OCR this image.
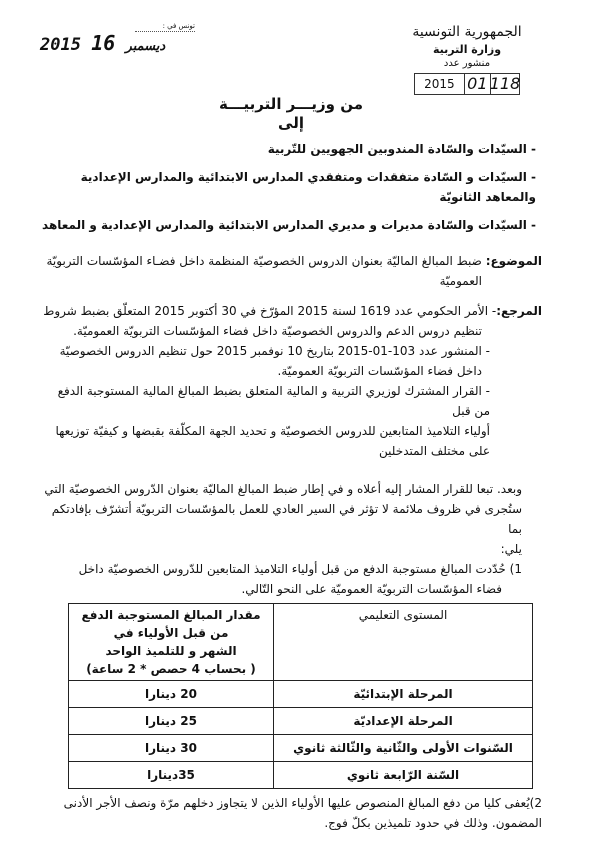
تونس في :
2015	ديسمبر 16	الجمهورية التونسية
وزارة التربية
منشور عدد
2015 01 118
من وزيـــر التربيـــة
إلى
- السيّدات والسّادة المندوبين الجهويين للتّربية
- السيّدات و السّادة متفقدات ومتفقدي المدارس الابتدائية والمدارس الإعدادية والمعاهد الثانويّة
- السيّدات والسّادة مديرات و مديري المدارس الابتدائية والمدارس الإعدادية و المعاهد
الموضوع: ضبط المبالغ الماليّة بعنوان الدروس الخصوصيّة المنظمة داخل فضـاء المؤسّسات التربويّة
العموميّة
المرجع:- الأمر الحكومي عدد 1619 لسنة 2015 المؤرّخ في 30 أكتوبر 2015 المتعلّق بضبط شروط
تنظيم دروس الدعم والدروس الخصوصيّة داخل فضاء المؤسّسات التربويّة العموميّة.
- المنشور عدد 103-01-2015 بتاريخ 10 نوفمبر 2015 حول تنظيم الدروس الخصوصيّة
داخل فضاء المؤسّسات التربويّة العموميّة.
- القرار المشترك لوزيري التربية و المالية المتعلق بضبط المبالغ المالية المستوجبة الدفع من قبل
أولياء التلاميذ المتابعين للدروس الخصوصيّة و تحديد الجهة المكلّفة بقبضها و كيفيّة توزيعها
على مختلف المتدخلين
وبعد. تبعا للقرار المشار إليه أعلاه و في إطار ضبط المبالغ الماليّة بعنوان الدّروس الخصوصيّة التي
ستُجرى في ظروف ملائمة لا تؤثر في السير العادي للعمل بالمؤسّسات التربويّة أتشرّف بإفادتكم بما
يلي:
1) حُدّدت المبالغ مستوجبة الدفع من قبل أولياء التلاميذ المتابعين للدّروس الخصوصيّة داخل
فضاء المؤسّسات التربويّة العموميّة على النحو التّالي.
المستوى التعليمي	مقدار المبالغ المستوجبة الدفع من قبل الأولياء في
الشهر و للتلميذ الواحد
( بحساب 4 حصص * 2 ساعة)

المرحلة الإبتدائيّة	20 دينارا
المرحلة الإعداديّة	25 دينارا
السّنوات الأولى والثّانية والثّالثة ثانوي	30 دينارا
السّنة الرّابعة ثانوي	35دينارا
2)يُعفى كليا من دفع المبالغ المنصوص عليها الأولياء الذين لا يتجاوز دخلهم مرّة ونصف الأجر الأدنى
المضمون. وذلك في حدود تلميذين بكلّ فوج.
